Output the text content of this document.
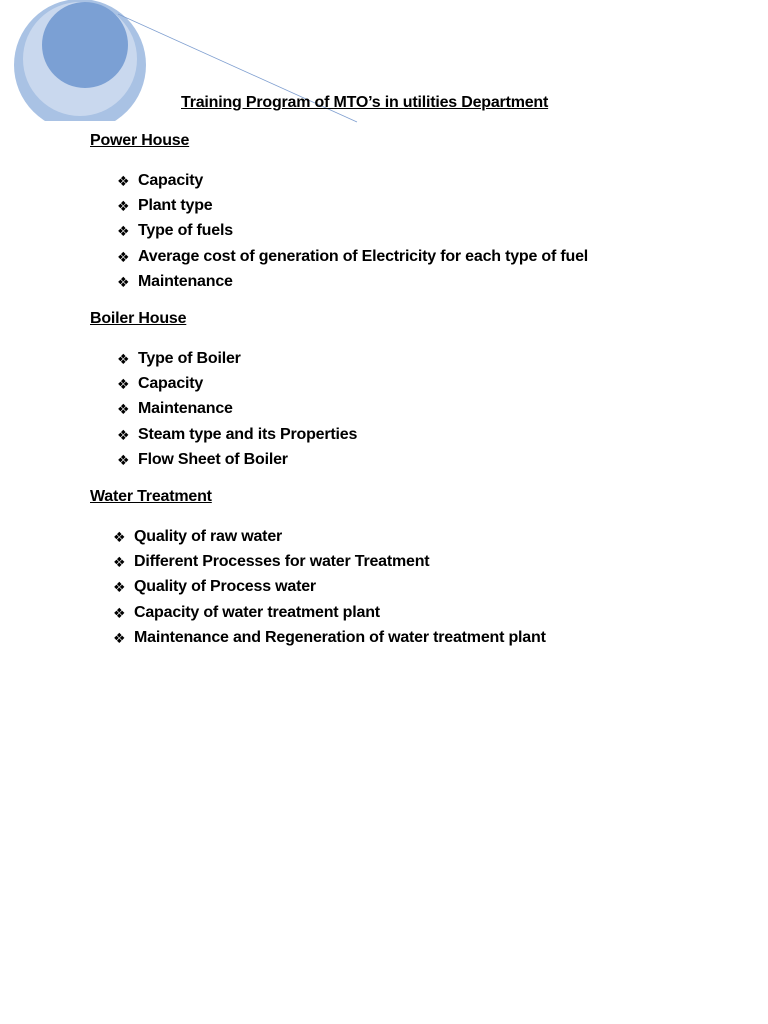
Training Program of MTO’s in utilities Department
Power House
❖ Capacity
❖ Plant type
❖ Type of fuels
❖ Average cost of generation of Electricity for each type of fuel
❖ Maintenance
Boiler House
❖ Type of Boiler
❖ Capacity
❖ Maintenance
❖ Steam type and its Properties
❖ Flow Sheet of Boiler
Water Treatment
❖ Quality of raw water
❖ Different Processes for water Treatment
❖ Quality of Process water
❖ Capacity of water treatment plant
❖ Maintenance and Regeneration of water treatment plant
